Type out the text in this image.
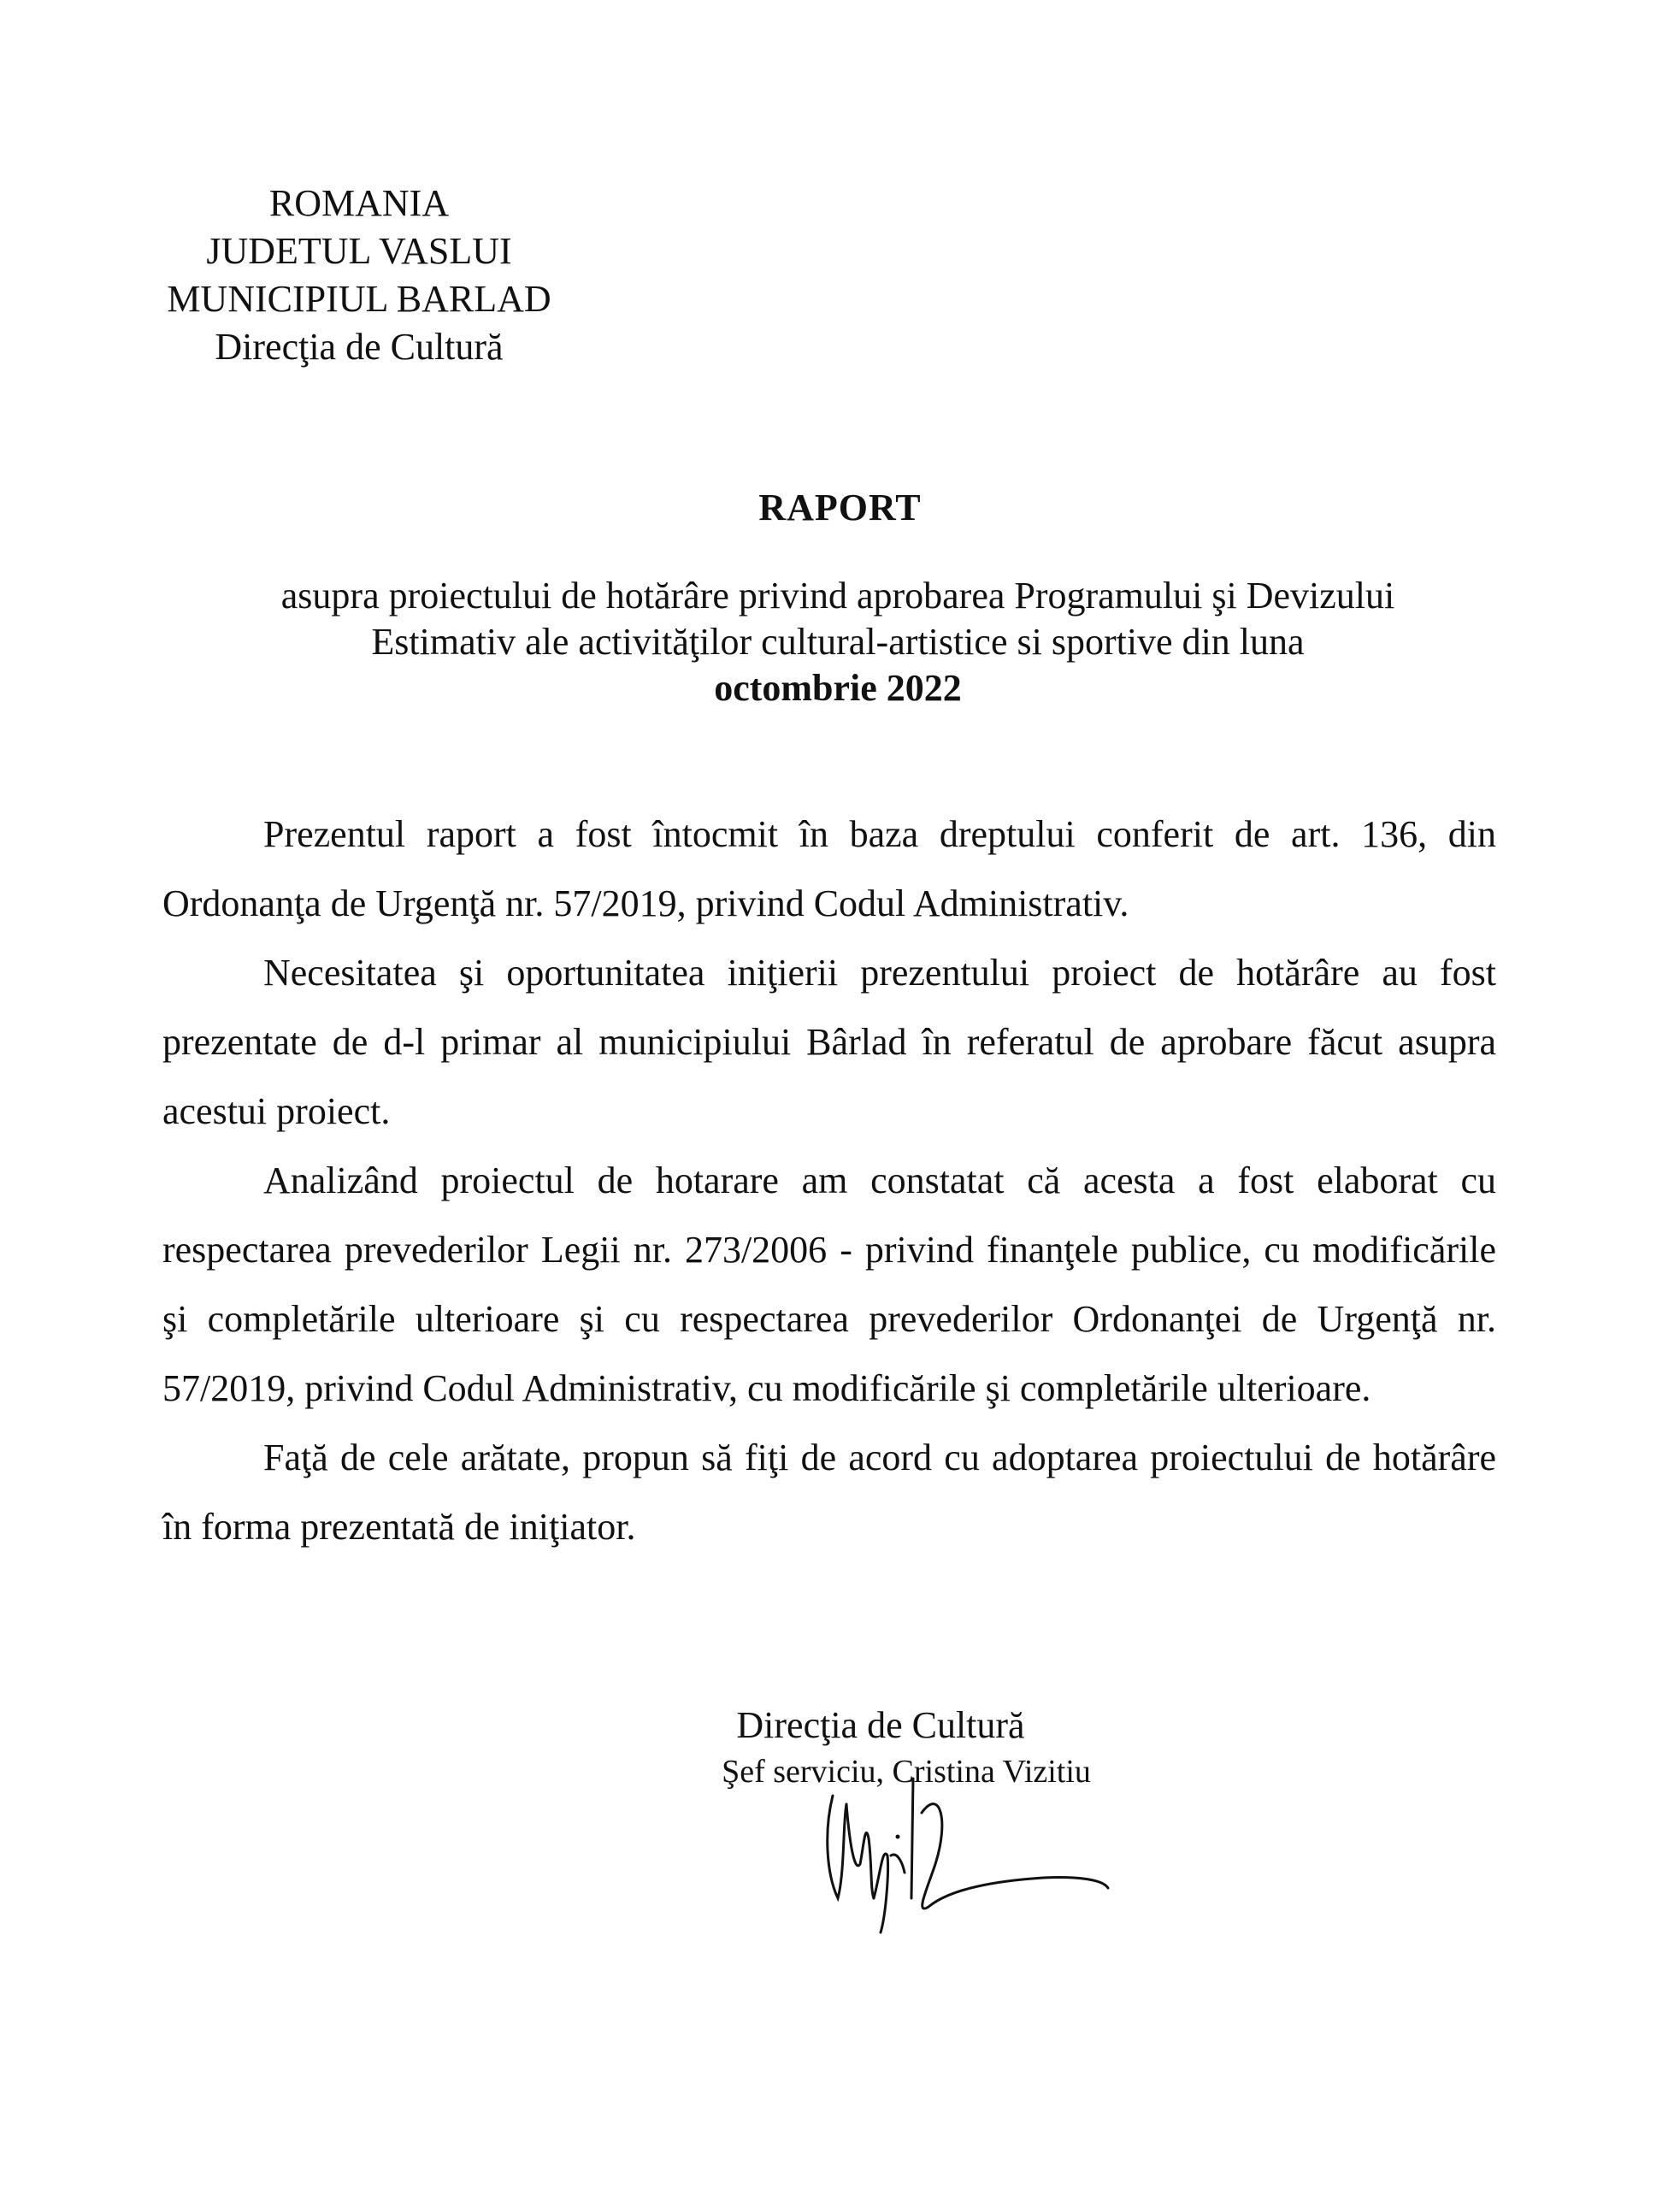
ROMANIA
JUDETUL VASLUI
MUNICIPIUL BARLAD
Direcţia de Cultură
RAPORT
asupra proiectului de hotărâre privind aprobarea Programului şi Devizului
Estimativ ale activităţilor cultural-artistice si sportive din luna
octombrie 2022

Prezentul raport a fost întocmit în baza dreptului conferit de art. 136, din Ordonanţa de Urgenţă nr. 57/2019, privind Codul Administrativ.

Necesitatea şi oportunitatea iniţierii prezentului proiect de hotărâre au fost prezentate de d-l primar al municipiului Bârlad în referatul de aprobare făcut asupra acestui proiect.

Analizând proiectul de hotarare am constatat că acesta a fost elaborat cu respectarea prevederilor Legii nr. 273/2006 - privind finanţele publice, cu modificările şi completările ulterioare şi cu respectarea prevederilor Ordonanţei de Urgenţă nr. 57/2019, privind Codul Administrativ, cu modificările şi completările ulterioare.

Faţă de cele arătate, propun să fiţi de acord cu adoptarea proiectului de hotărâre în forma prezentată de iniţiator.

Direcţia de Cultură
Şef serviciu, Cristina Vizitiu
